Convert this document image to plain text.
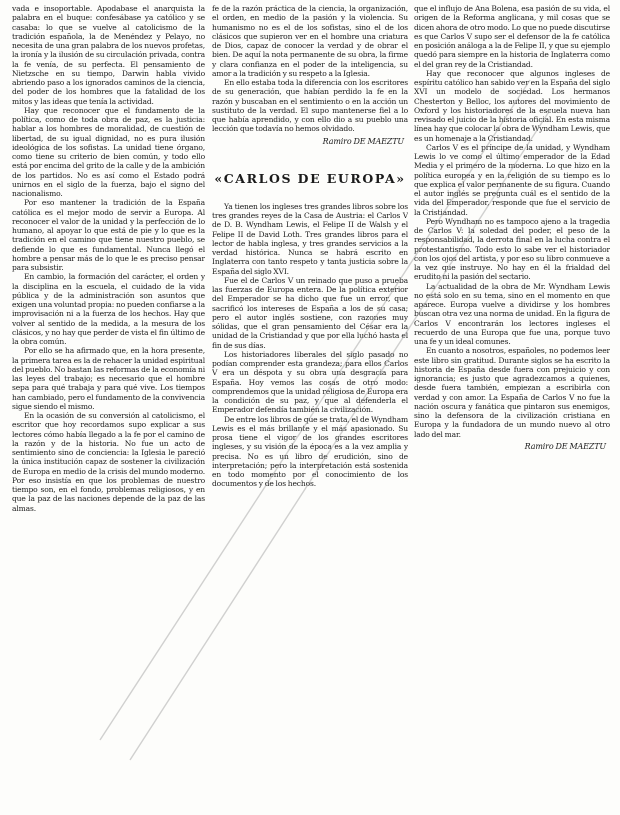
vada e insoportable. Apodabase el anarquista la palabra en el buque: confesábase ya católico y se casaba: lo que se vuelve al catolicismo de la tradición española, la de Menéndez y Pelayo, no necesita de una gran palabra de los nuevos profetas, la ironía y la ilusión de su circulación privada, contra la fe venía, de su perfecta. El pensamiento de Nietzsche en su tiempo, Darwin habla vivido abriendo paso a los ignorados caminos de la ciencia, del poder de los hombres que la fatalidad de los mitos y las ideas que tenía la actividad.

Hay que reconocer que el fundamento de la política, como de toda obra de paz, es la justicia: hablar a los hombres de moralidad, de cuestión de libertad, de su igual dignidad, no es pura ilusión ideológica de los sofistas. La unidad tiene órgano, como tiene su criterio de bien común, y todo ello está por encima del grito de la calle y de la ambición de los partidos. No es así como el Estado podrá unirnos en el siglo de la fuerza, bajo el signo del nacionalismo.

Por eso mantener la tradición de la España católica es el mejor modo de servir a Europa. Al reconocer el valor de la unidad y la perfección de lo humano, al apoyar lo que está de pie y lo que es la tradición en el camino que tiene nuestro pueblo, se defiende lo que es fundamental. Nunca llegó el hombre a pensar más de lo que le es preciso pensar para subsistir.

En cambio, la formación del carácter, el orden y la disciplina en la escuela, el cuidado de la vida pública y de la administración son asuntos que exigen una voluntad propia: no pueden confiarse a la improvisación ni a la fuerza de los hechos. Hay que volver al sentido de la medida, a la mesura de los clásicos, y no hay que perder de vista el fin último de la obra común.

Por ello se ha afirmado que, en la hora presente, la primera tarea es la de rehacer la unidad espiritual del pueblo. No bastan las reformas de la economía ni las leyes del trabajo; es necesario que el hombre sepa para qué trabaja y para qué vive. Los tiempos han cambiado, pero el fundamento de la convivencia sigue siendo el mismo.

En la ocasión de su conversión al catolicismo, el escritor que hoy recordamos supo explicar a sus lectores cómo había llegado a la fe por el camino de la razón y de la historia. No fue un acto de sentimiento sino de conciencia: la Iglesia le pareció la única institución capaz de sostener la civilización de Europa en medio de la crisis del mundo moderno. Por eso insistía en que los problemas de nuestro tiempo son, en el fondo, problemas religiosos, y en que la paz de las naciones depende de la paz de las almas.

fe de la razón práctica de la ciencia, la organización, el orden, en medio de la pasión y la violencia. Su humanismo no es el de los sofistas, sino el de los clásicos que supieron ver en el hombre una criatura de Dios, capaz de conocer la verdad y de obrar el bien. De aquí la nota permanente de su obra, la firme y clara confianza en el poder de la inteligencia, su amor a la tradición y su respeto a la Iglesia.

En ello estaba toda la diferencia con los escritores de su generación, que habían perdido la fe en la razón y buscaban en el sentimiento o en la acción un sustituto de la verdad. El supo mantenerse fiel a lo que había aprendido, y con ello dio a su pueblo una lección que todavía no hemos olvidado.

Ramiro DE MAEZTU
«CARLOS DE EUROPA»

Ya tienen los ingleses tres grandes libros sobre los tres grandes reyes de la Casa de Austria: el Carlos V de D. B. Wyndham Lewis, el Felipe II de Walsh y el Felipe II de David Loth. Tres grandes libros para el lector de habla inglesa, y tres grandes servicios a la verdad histórica. Nunca se habrá escrito en Inglaterra con tanto respeto y tanta justicia sobre la España del siglo XVI.

Fue el de Carlos V un reinado que puso a prueba las fuerzas de Europa entera. De la política exterior del Emperador se ha dicho que fue un error, que sacrificó los intereses de España a los de su casa; pero el autor inglés sostiene, con razones muy sólidas, que el gran pensamiento del César era la unidad de la Cristiandad y que por ella luchó hasta el fin de sus días.

Los historiadores liberales del siglo pasado no podían comprender esta grandeza; para ellos Carlos V era un déspota y su obra una desgracia para España. Hoy vemos las cosas de otro modo: comprendemos que la unidad religiosa de Europa era la condición de su paz, y que al defenderla el Emperador defendía también la civilización.

De entre los libros de que se trata, el de Wyndham Lewis es el más brillante y el más apasionado. Su prosa tiene el vigor de los grandes escritores ingleses, y su visión de la época es a la vez amplia y precisa. No es un libro de erudición, sino de interpretación; pero la interpretación está sostenida en todo momento por el conocimiento de los documentos y de los hechos.

que el influjo de Ana Bolena, esa pasión de su vida, el origen de la Reforma anglicana, y mil cosas que se dicen ahora de otro modo. Lo que no puede discutirse es que Carlos V supo ser el defensor de la fe católica en posición análoga a la de Felipe II, y que su ejemplo quedó para siempre en la historia de Inglaterra como el del gran rey de la Cristiandad.

Hay que reconocer que algunos ingleses de espíritu católico han sabido ver en la España del siglo XVI un modelo de sociedad. Los hermanos Chesterton y Belloc, los autores del movimiento de Oxford y los historiadores de la escuela nueva han revisado el juicio de la historia oficial. En esta misma línea hay que colocar la obra de Wyndham Lewis, que es un homenaje a la Cristiandad.

Carlos V es el príncipe de la unidad, y Wyndham Lewis lo ve como el último emperador de la Edad Media y el primero de la moderna. Lo que hizo en la política europea y en la religión de su tiempo es lo que explica el valor permanente de su figura. Cuando el autor inglés se pregunta cuál es el sentido de la vida del Emperador, responde que fue el servicio de la Cristiandad.

Pero Wyndham no es tampoco ajeno a la tragedia de Carlos V: la soledad del poder, el peso de la responsabilidad, la derrota final en la lucha contra el protestantismo. Todo esto lo sabe ver el historiador con los ojos del artista, y por eso su libro conmueve a la vez que instruye. No hay en él la frialdad del erudito ni la pasión del sectario.

La actualidad de la obra de Mr. Wyndham Lewis no está solo en su tema, sino en el momento en que aparece. Europa vuelve a dividirse y los hombres buscan otra vez una norma de unidad. En la figura de Carlos V encontrarán los lectores ingleses el recuerdo de una Europa que fue una, porque tuvo una fe y un ideal comunes.

En cuanto a nosotros, españoles, no podemos leer este libro sin gratitud. Durante siglos se ha escrito la historia de España desde fuera con prejuicio y con ignorancia; es justo que agradezcamos a quienes, desde fuera también, empiezan a escribirla con verdad y con amor. La España de Carlos V no fue la nación oscura y fanática que pintaron sus enemigos, sino la defensora de la civilización cristiana en Europa y la fundadora de un mundo nuevo al otro lado del mar.

Ramiro DE MAEZTU
